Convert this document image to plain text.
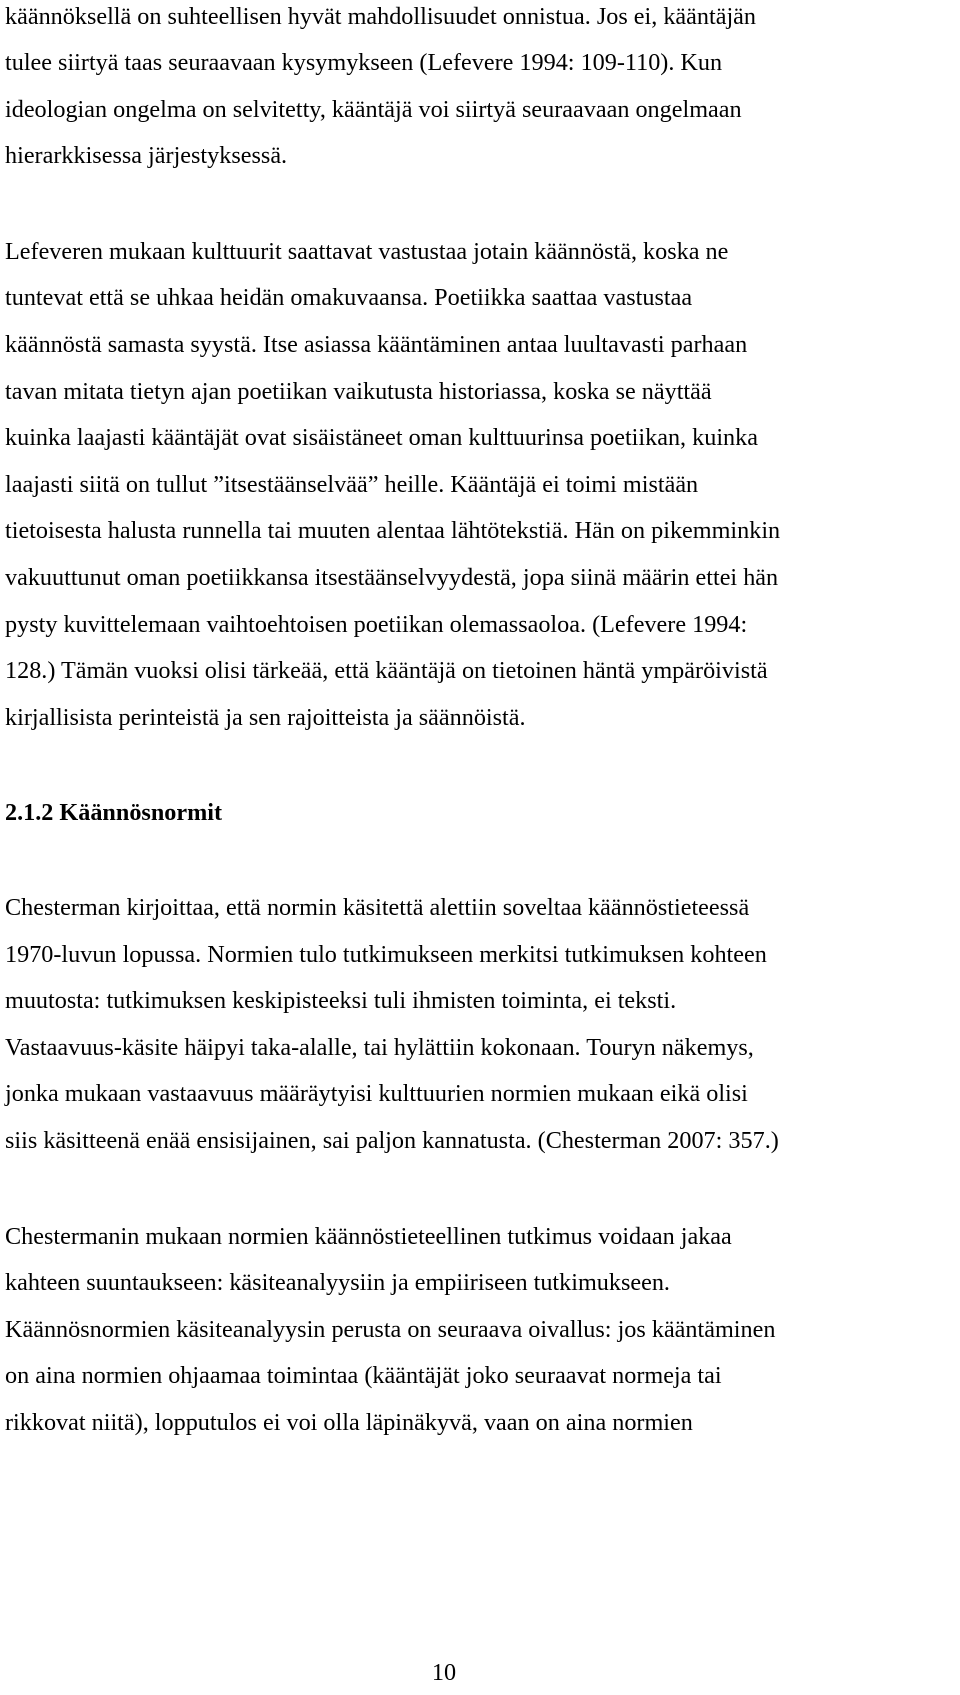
käännöksellä on suhteellisen hyvät mahdollisuudet onnistua. Jos ei, kääntäjän

tulee siirtyä taas seuraavaan kysymykseen (Lefevere 1994: 109-110). Kun

ideologian ongelma on selvitetty, kääntäjä voi siirtyä seuraavaan ongelmaan

hierarkkisessa järjestyksessä.

Lefeveren mukaan kulttuurit saattavat vastustaa jotain käännöstä, koska ne

tuntevat että se uhkaa heidän omakuvaansa. Poetiikka saattaa vastustaa

käännöstä samasta syystä. Itse asiassa kääntäminen antaa luultavasti parhaan

tavan mitata tietyn ajan poetiikan vaikutusta historiassa, koska se näyttää

kuinka laajasti kääntäjät ovat sisäistäneet oman kulttuurinsa poetiikan, kuinka

laajasti siitä on tullut ”itsestäänselvää” heille. Kääntäjä ei toimi mistään

tietoisesta halusta runnella tai muuten alentaa lähtötekstiä. Hän on pikemminkin

vakuuttunut oman poetiikkansa itsestäänselvyydestä, jopa siinä määrin ettei hän

pysty kuvittelemaan vaihtoehtoisen poetiikan olemassaoloa. (Lefevere 1994:

128.) Tämän vuoksi olisi tärkeää, että kääntäjä on tietoinen häntä ympäröivistä

kirjallisista perinteistä ja sen rajoitteista ja säännöistä.

2.1.2 Käännösnormit

Chesterman kirjoittaa, että normin käsitettä alettiin soveltaa käännöstieteessä

1970-luvun lopussa. Normien tulo tutkimukseen merkitsi tutkimuksen kohteen

muutosta: tutkimuksen keskipisteeksi tuli ihmisten toiminta, ei teksti.

Vastaavuus-käsite häipyi taka-alalle, tai hylättiin kokonaan. Touryn näkemys,

jonka mukaan vastaavuus määräytyisi kulttuurien normien mukaan eikä olisi

siis käsitteenä enää ensisijainen, sai paljon kannatusta. (Chesterman 2007: 357.)

Chestermanin mukaan normien käännöstieteellinen tutkimus voidaan jakaa

kahteen suuntaukseen: käsiteanalyysiin ja empiiriseen tutkimukseen.

Käännösnormien käsiteanalyysin perusta on seuraava oivallus: jos kääntäminen

on aina normien ohjaamaa toimintaa (kääntäjät joko seuraavat normeja tai

rikkovat niitä), lopputulos ei voi olla läpinäkyvä, vaan on aina normien

10
